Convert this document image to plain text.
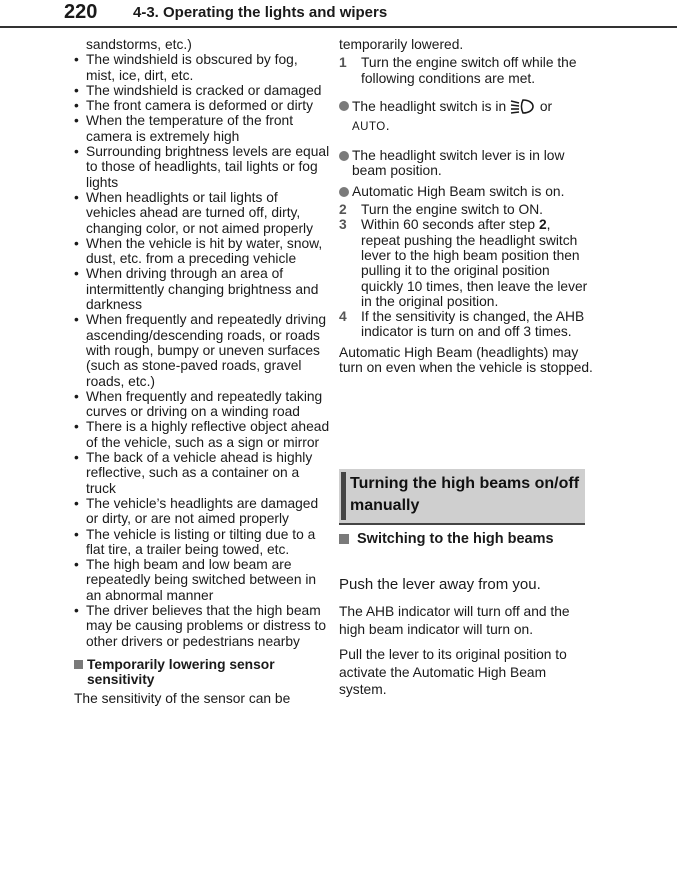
220 4-3. Operating the lights and wipers
sandstorms, etc.)
• The windshield is obscured by fog, mist, ice, dirt, etc.
• The windshield is cracked or damaged
• The front camera is deformed or dirty
• When the temperature of the front camera is extremely high
• Surrounding brightness levels are equal to those of headlights, tail lights or fog lights
• When headlights or tail lights of vehicles ahead are turned off, dirty, changing color, or not aimed properly
• When the vehicle is hit by water, snow, dust, etc. from a preceding vehicle
• When driving through an area of intermittently changing brightness and darkness
• When frequently and repeatedly driving ascending/descending roads, or roads with rough, bumpy or uneven surfaces (such as stone-paved roads, gravel roads, etc.)
• When frequently and repeatedly taking curves or driving on a winding road
• There is a highly reflective object ahead of the vehicle, such as a sign or mirror
• The back of a vehicle ahead is highly reflective, such as a container on a truck
• The vehicle’s headlights are damaged or dirty, or are not aimed properly
• The vehicle is listing or tilting due to a flat tire, a trailer being towed, etc.
• The high beam and low beam are repeatedly being switched between in an abnormal manner
• The driver believes that the high beam may be causing problems or distress to other drivers or pedestrians nearby
Temporarily lowering sensor sensitivity

The sensitivity of the sensor can be

temporarily lowered.

1 Turn the engine switch off while the following conditions are met.
The headlight switch is in or
AUTO.
The headlight switch lever is in low beam position.
Automatic High Beam switch is on.
2 Turn the engine switch to ON.
3 Within 60 seconds after step 2, repeat pushing the headlight switch lever to the high beam position then pulling it to the original position quickly 10 times, then leave the lever in the original position.
4 If the sensitivity is changed, the AHB indicator is turn on and off 3 times.

Automatic High Beam (headlights) may turn on even when the vehicle is stopped.

Turning the high beams on/off manually
Switching to the high beams
Push the lever away from you.
The AHB indicator will turn off and the high beam indicator will turn on.
Pull the lever to its original position to activate the Automatic High Beam system.
